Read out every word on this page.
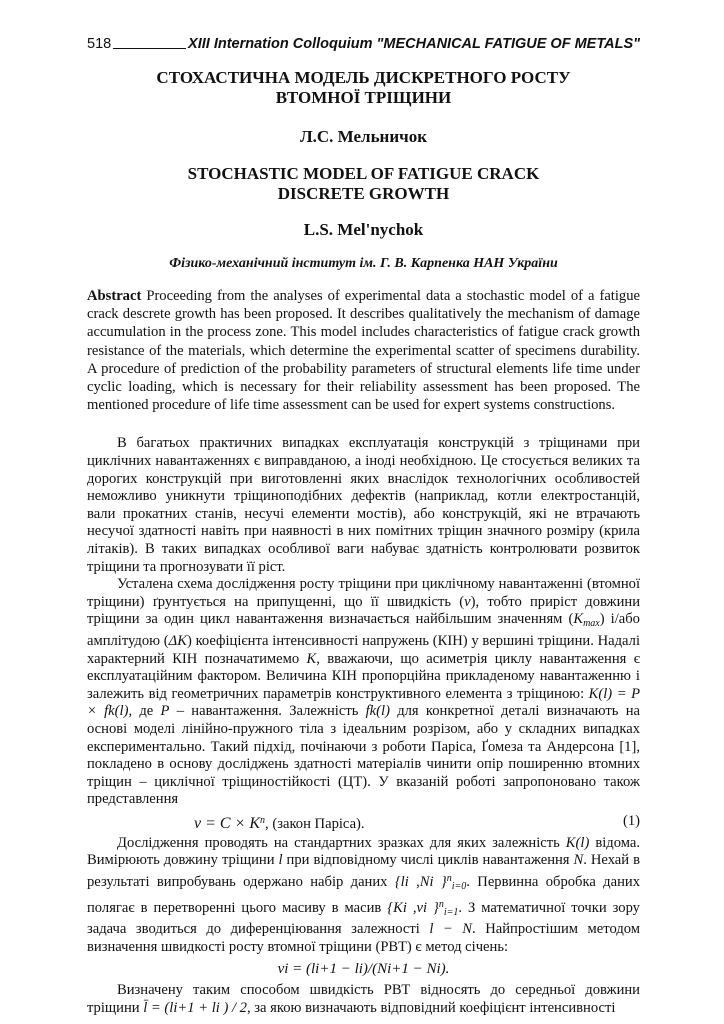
518	XIII Internation Colloquium "MECHANICAL FATIGUE OF METALS"
СТОХАСТИЧНА МОДЕЛЬ ДИСКРЕТНОГО РОСТУ
ВТОМНОЇ ТРІЩИНИ
Л.С. Мельничок
STOCHASTIC MODEL OF FATIGUE CRACK
DISCRETE GROWTH
L.S. Mel'nychok
Фізико-механічний інститут ім. Г. В. Карпенка НАН України
Abstract Proceeding from the analyses of experimental data a stochastic model of a fatigue crack descrete growth has been proposed. It describes qualitatively the mechanism of damage accumulation in the process zone. This model includes characteristics of fatigue crack growth resistance of the materials, which determine the experimental scatter of specimens durability. A procedure of prediction of the probability parameters of structural elements life time under cyclic loading, which is necessary for their reliability assessment has been proposed. The mentioned procedure of life time assessment can be used for expert systems constructions.

В багатьох практичних випадках експлуатація конструкцій з тріщинами при циклічних навантаженнях є виправданою, а іноді необхідною. Це стосується великих та дорогих конструкцій при виготовленні яких внаслідок технологічних особливостей неможливо уникнути тріщиноподібних дефектів (наприклад, котли електростанцій, вали прокатних станів, несучі елементи мостів), або конструкцій, які не втрачають несучої здатності навіть при наявності в них помітних тріщин значного розміру (крила літаків). В таких випадках особливої ваги набуває здатність контролювати розвиток тріщини та прогнозувати її ріст.

Усталена схема дослідження росту тріщини при циклічному навантаженні (втомної тріщини) ґрунтується на припущенні, що її швидкість (v), тобто приріст довжини тріщини за один цикл навантаження визначається найбільшим значенням $(K_{max})$ і/або амплітудою (ΔK) коефіцієнта інтенсивності напружень (КІН) у вершині тріщини. Надалі характерний КІН позначатимемо K, вважаючи, що асиметрія циклу навантаження є експлуатаційним фактором. Величина КІН пропорційна прикладеному навантаженню і залежить від геометричних параметрів конструктивного елемента з тріщиною: K(l) = P × fk(l), де P – навантаження. Залежність fk(l) для конкретної деталі визначають на основі моделі лінійно-пружного тіла з ідеальним розрізом, або у складних випадках експериментально. Такий підхід, почінаючи з роботи Паріса, Ґомеза та Андерсона [1], покладено в основу досліджень здатності матеріалів чинити опір поширенню втомних тріщин – циклічної тріщиностійкості (ЦТ). У вказаній роботі запропоновано також представлення

$v = C \times K^n$, (закон Паріса).	(1)

Дослідження проводять на стандартних зразках для яких залежність K(l) відома. Вимірюють довжину тріщини l при відповідному числі циклів навантаження N. Нехай в результаті випробувань одержано набір даних {li ,Ni }$^n_{i=0}$. Первинна обробка даних полягає в перетворенні цього масиву в масив {Ki ,vi }$^n_{i=1}$. З математичної точки зору задача зводиться до диференціювання залежності l − N. Найпростішим методом визначення швидкості росту втомної тріщини (РВТ) є метод січень:

vi = (li+1 − li)/(Ni+1 − Ni).

Визначену таким способом швидкість РВТ відносять до середньої довжини тріщини l̄ = (li+1 + li ) / 2, за якою визначають відповідний коефіцієнт інтенсивності
